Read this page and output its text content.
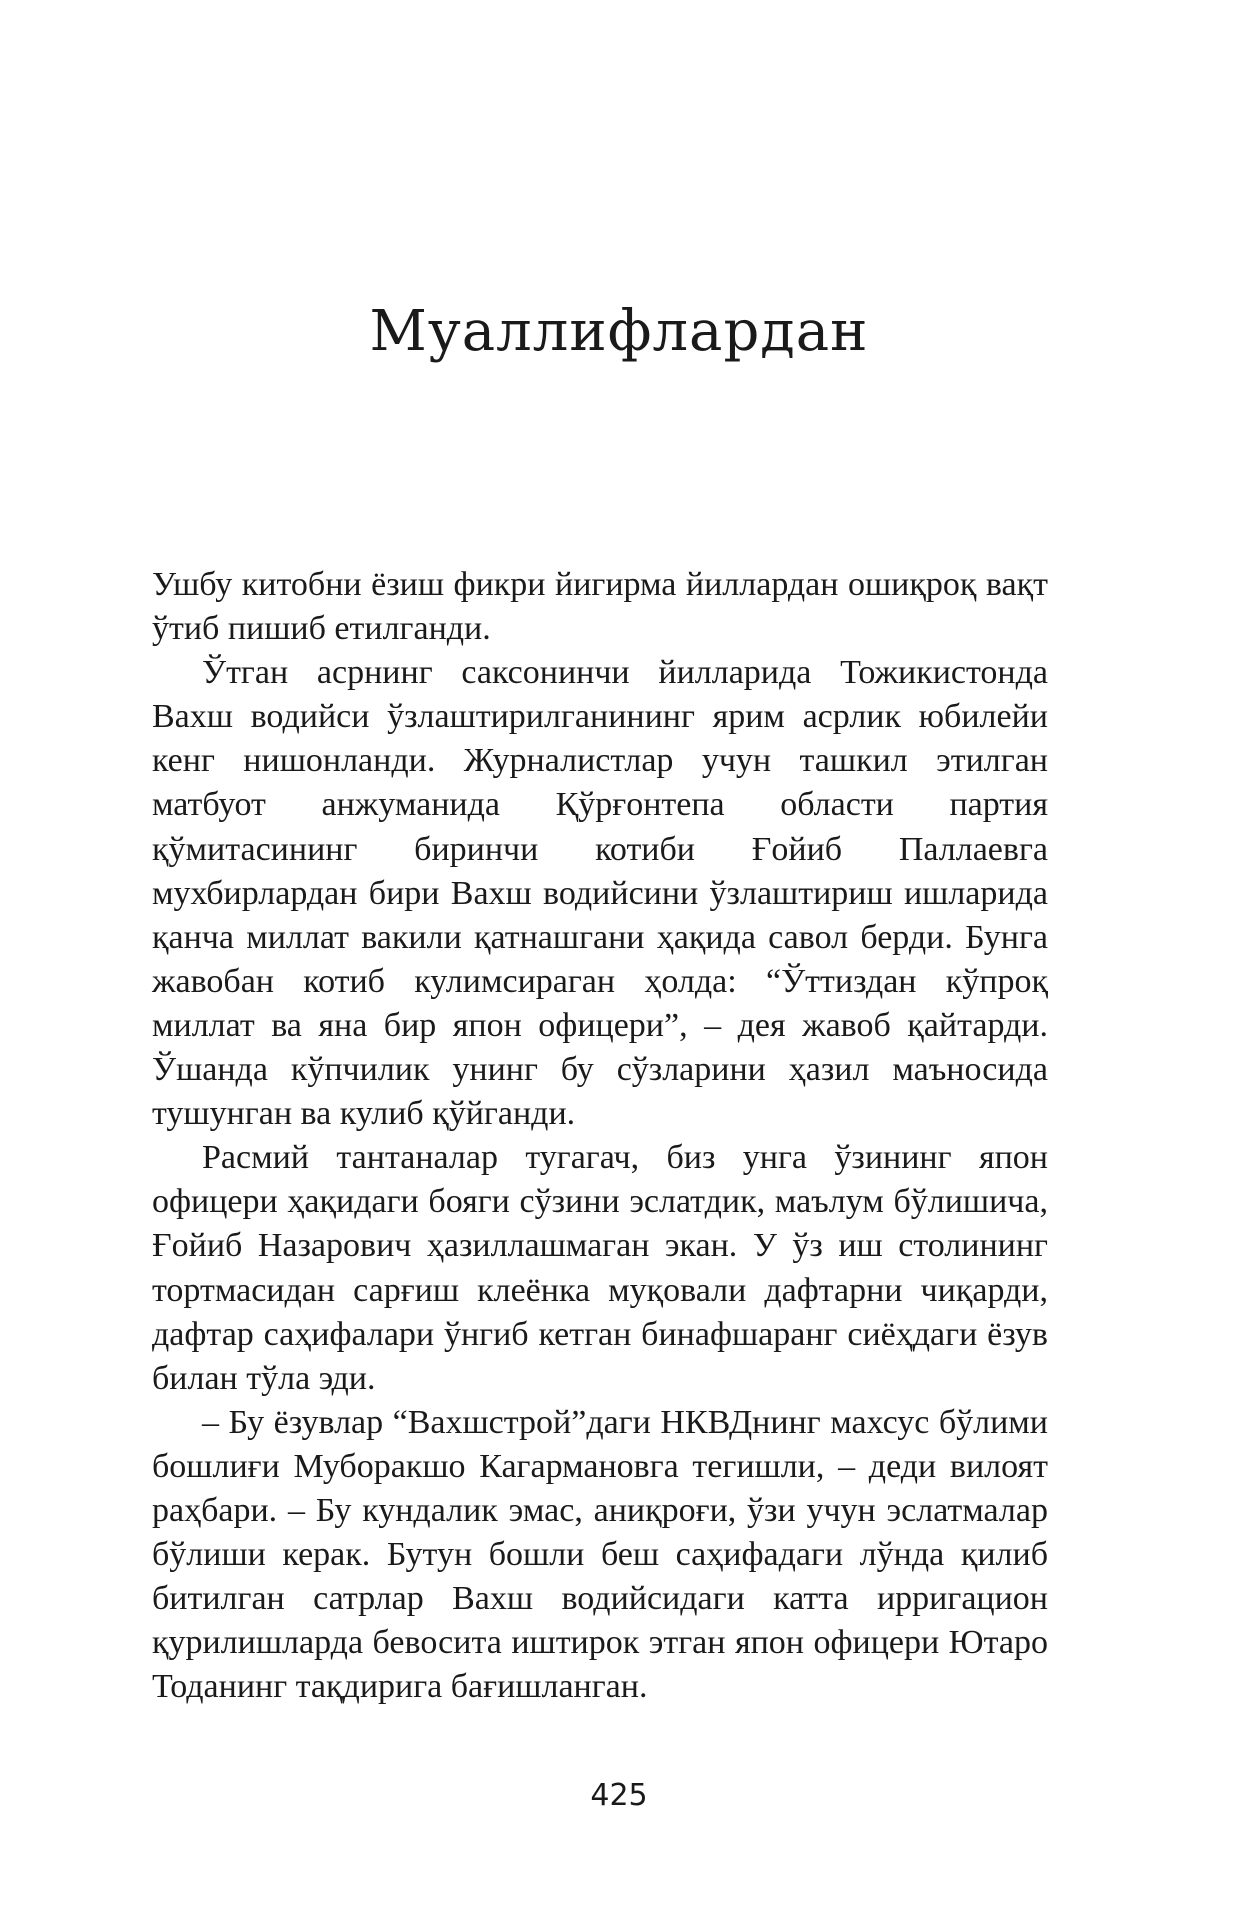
Муаллифлардан

Ушбу китобни ёзиш фикри йигирма йиллардан ошиқроқ вақт ўтиб пишиб етилганди.

Ўтган асрнинг саксонинчи йилларида Тожикистонда Вахш водийси ўзлаштирилганининг ярим асрлик юбилейи кенг нишонланди. Журналистлар учун ташкил этилган матбуот анжуманида Қўрғонтепа области партия қўмитасининг биринчи котиби Ғойиб Паллаевга мухбирлардан бири Вахш водийсини ўзлаштириш ишларида қанча миллат вакили қатнашгани ҳақида савол берди. Бунга жавобан котиб кулимсираган ҳолда: “Ўттиздан кўпроқ миллат ва яна бир япон офицери”, – дея жавоб қайтарди. Ўшанда кўпчилик унинг бу сўзларини ҳазил маъносида тушунган ва кулиб қўйганди.

Расмий тантаналар тугагач, биз унга ўзининг япон офицери ҳақидаги бояги сўзини эслатдик, маълум бўлишича, Ғойиб Назарович ҳазиллашмаган экан. У ўз иш столининг тортмасидан сарғиш клеёнка муқовали дафтарни чиқарди, дафтар саҳифалари ўнгиб кетган бинафшаранг сиёҳдаги ёзув билан тўла эди.

– Бу ёзувлар “Вахшстрой”даги НКВДнинг махсус бўлими бошлиғи Муборакшо Кагармановга тегишли, – деди вилоят раҳбари. – Бу кундалик эмас, аниқроғи, ўзи учун эслатмалар бўлиши керак. Бутун бошли беш саҳифадаги лўнда қилиб битилган сатрлар Вахш водийсидаги катта ирригацион қурилишларда бевосита иштирок этган япон офицери Ютаро Тоданинг тақдирига бағишланган.

425
